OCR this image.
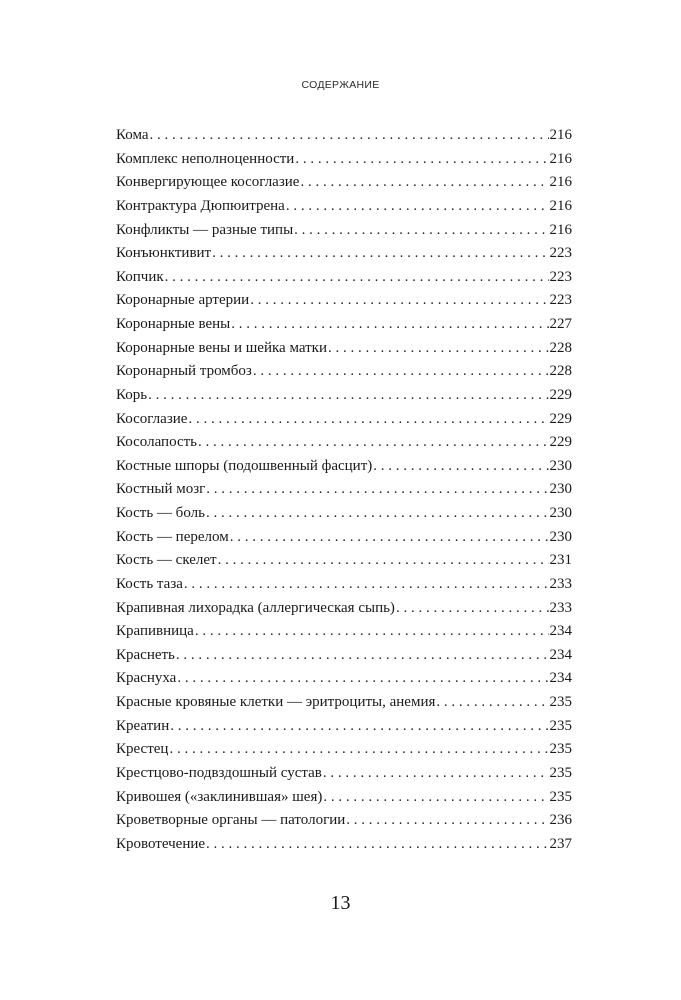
СОДЕРЖАНИЕ
Кома . . .	216
Комплекс неполноценности . . .	216
Конвергирующее косоглазие . . .	216
Контрактура Дюпюитрена . . .	216
Конфликты — разные типы . . .	216
Конъюнктивит . . .	223
Копчик . . .	223
Коронарные артерии . . .	223
Коронарные вены . . .	227
Коронарные вены и шейка матки . . .	228
Коронарный тромбоз . . .	228
Корь . . .	229
Косоглазие . . .	229
Косолапость . . .	229
Костные шпоры (подошвенный фасцит) . . .	230
Костный мозг . . .	230
Кость — боль . . .	230
Кость — перелом . . .	230
Кость — скелет . . .	231
Кость таза . . .	233
Крапивная лихорадка (аллергическая сыпь) . . .	233
Крапивница . . .	234
Краснеть . . .	234
Краснуха . . .	234
Красные кровяные клетки — эритроциты, анемия . . .	235
Креатин . . .	235
Крестец . . .	235
Крестцово-подвздошный сустав . . .	235
Кривошея («заклинившая» шея) . . .	235
Кроветворные органы — патологии . . .	236
Кровотечение . . .	237
13
